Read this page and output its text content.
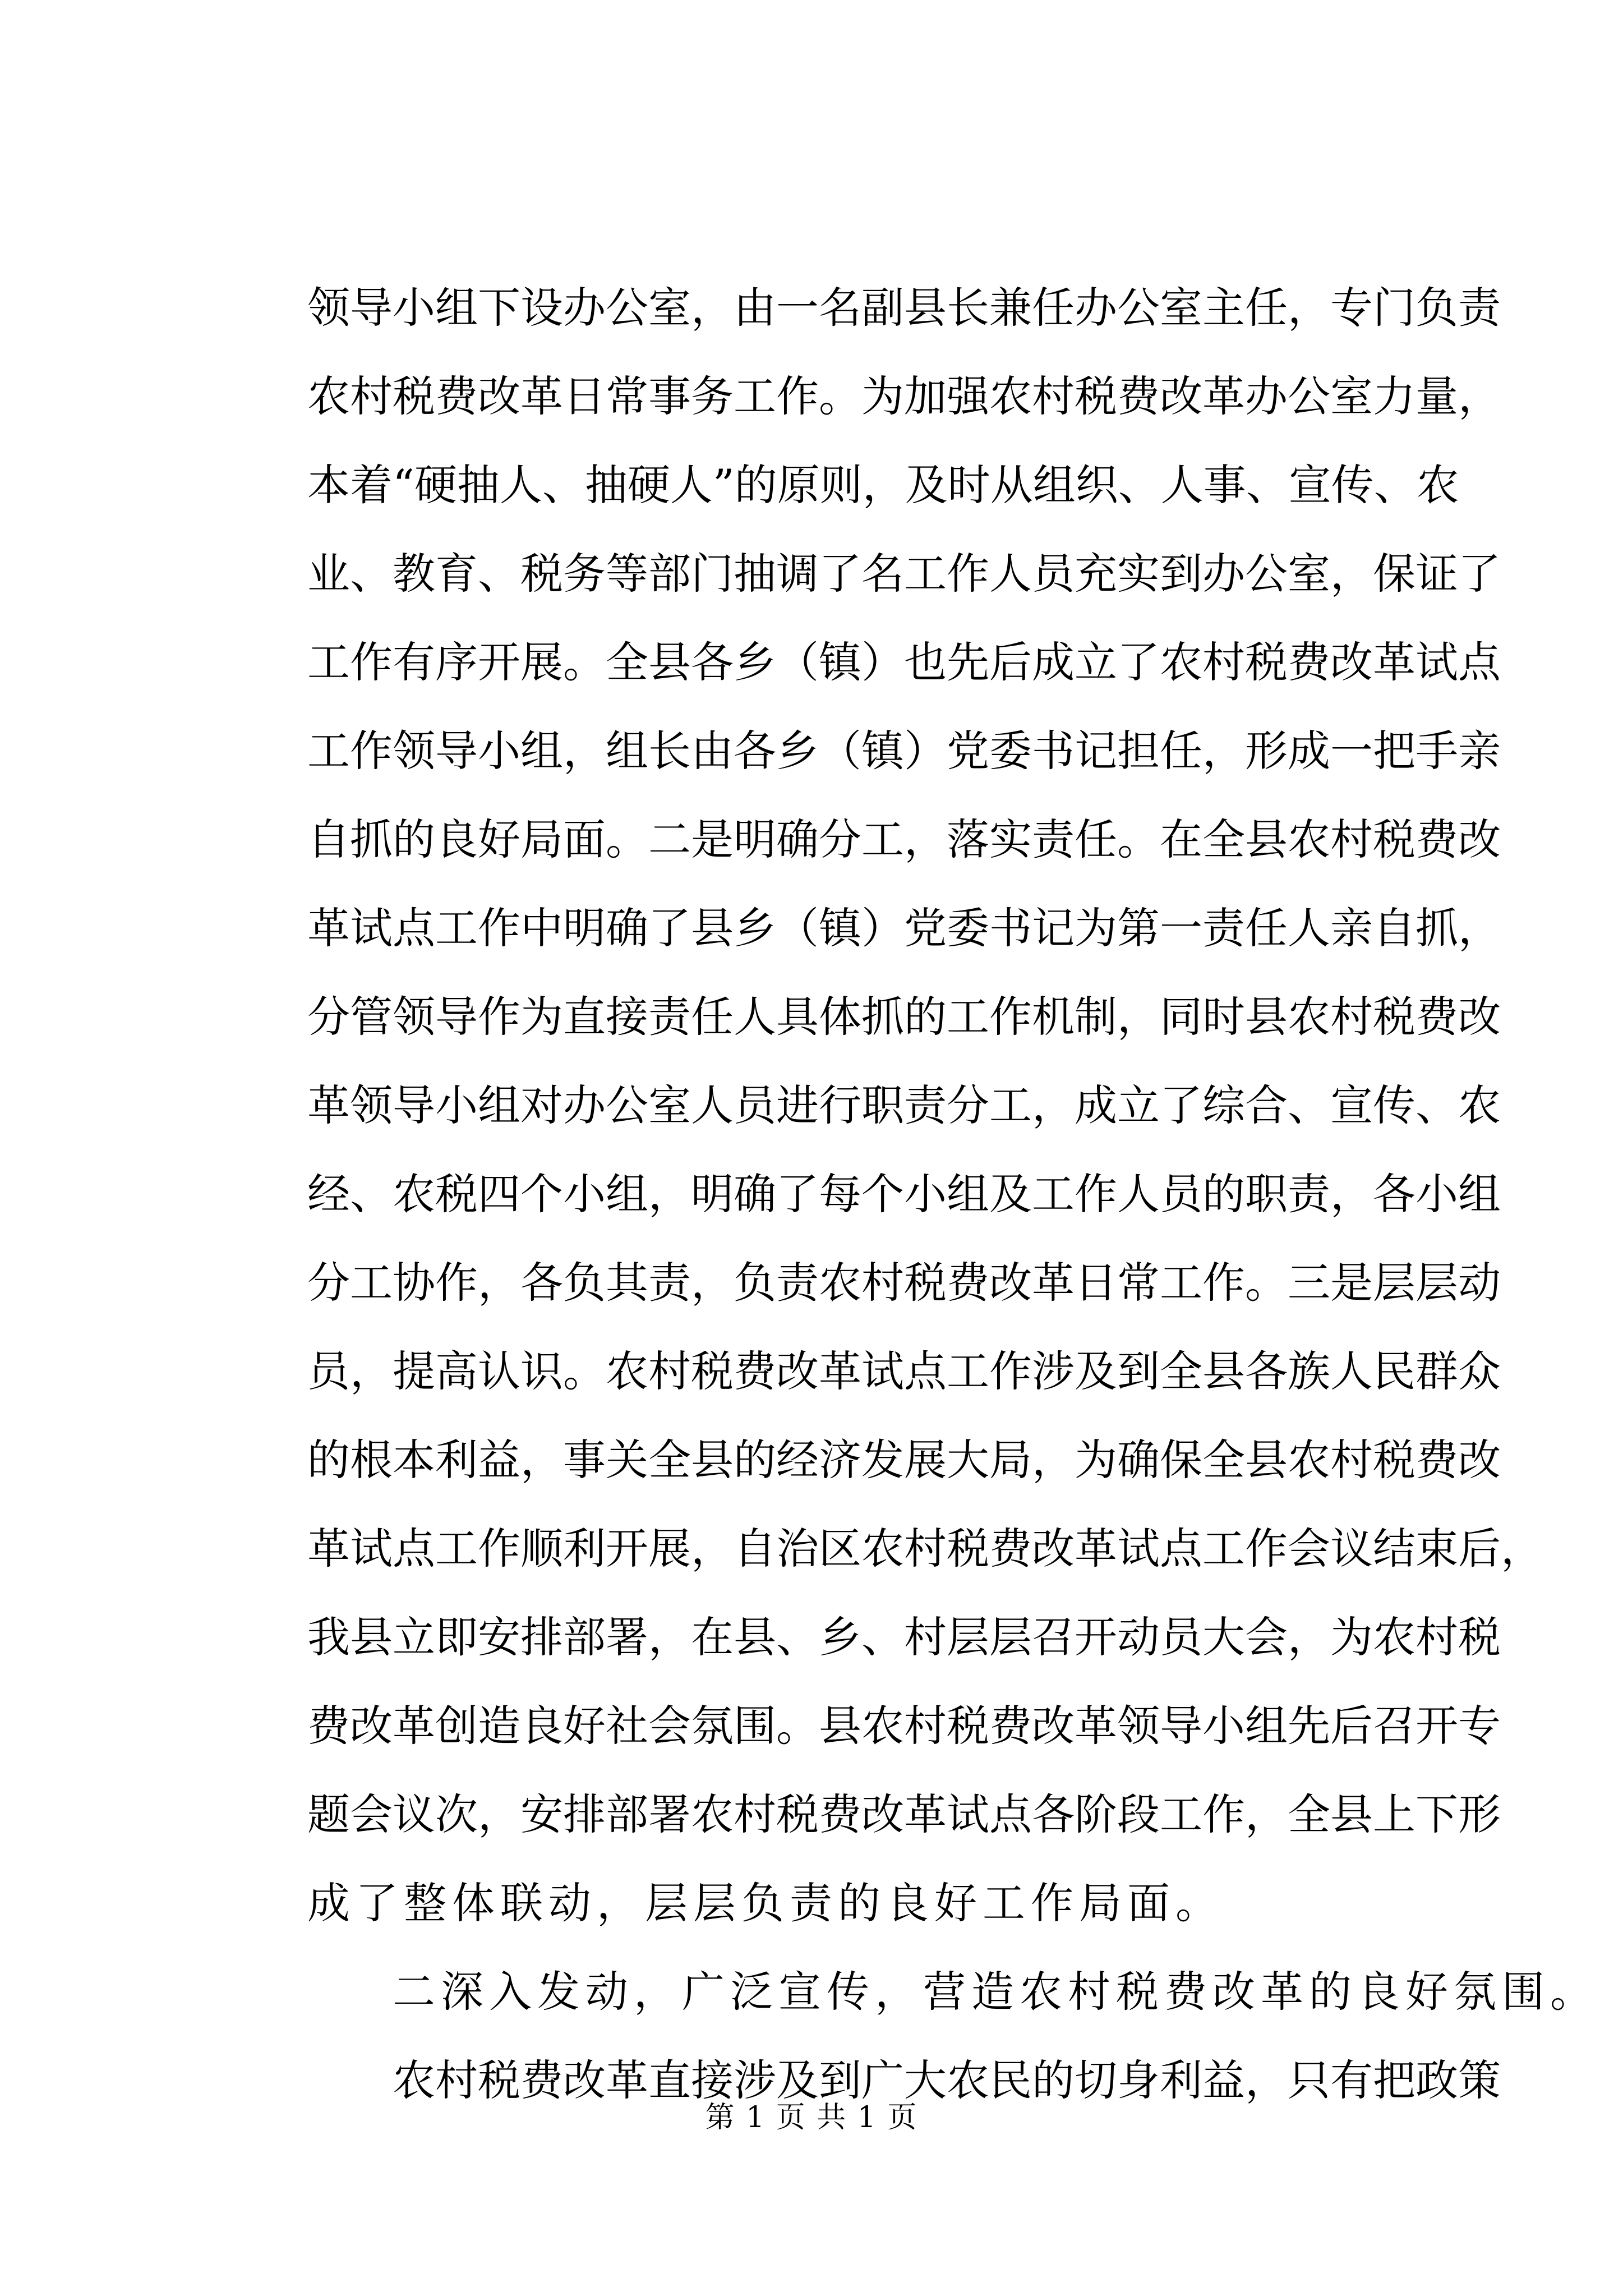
领导小组下设办公室，由一名副县长兼任办公室主任，专门负责
农村税费改革日常事务工作。为加强农村税费改革办公室力量，
本着“硬抽人、抽硬人”的原则，及时从组织、人事、宣传、农
业、教育、税务等部门抽调了名工作人员充实到办公室，保证了
工作有序开展。全县各乡（镇）也先后成立了农村税费改革试点
工作领导小组，组长由各乡（镇）党委书记担任，形成一把手亲
自抓的良好局面。二是明确分工，落实责任。在全县农村税费改
革试点工作中明确了县乡（镇）党委书记为第一责任人亲自抓，
分管领导作为直接责任人具体抓的工作机制，同时县农村税费改
革领导小组对办公室人员进行职责分工，成立了综合、宣传、农
经、农税四个小组，明确了每个小组及工作人员的职责，各小组
分工协作，各负其责，负责农村税费改革日常工作。三是层层动
员，提高认识。农村税费改革试点工作涉及到全县各族人民群众
的根本利益，事关全县的经济发展大局，为确保全县农村税费改
革试点工作顺利开展，自治区农村税费改革试点工作会议结束后，
我县立即安排部署，在县、乡、村层层召开动员大会，为农村税
费改革创造良好社会氛围。县农村税费改革领导小组先后召开专
题会议次，安排部署农村税费改革试点各阶段工作，全县上下形
成了整体联动，层层负责的良好工作局面。
二深入发动，广泛宣传，营造农村税费改革的良好氛围。
农村税费改革直接涉及到广大农民的切身利益，只有把政策
第 1 页 共 1 页
